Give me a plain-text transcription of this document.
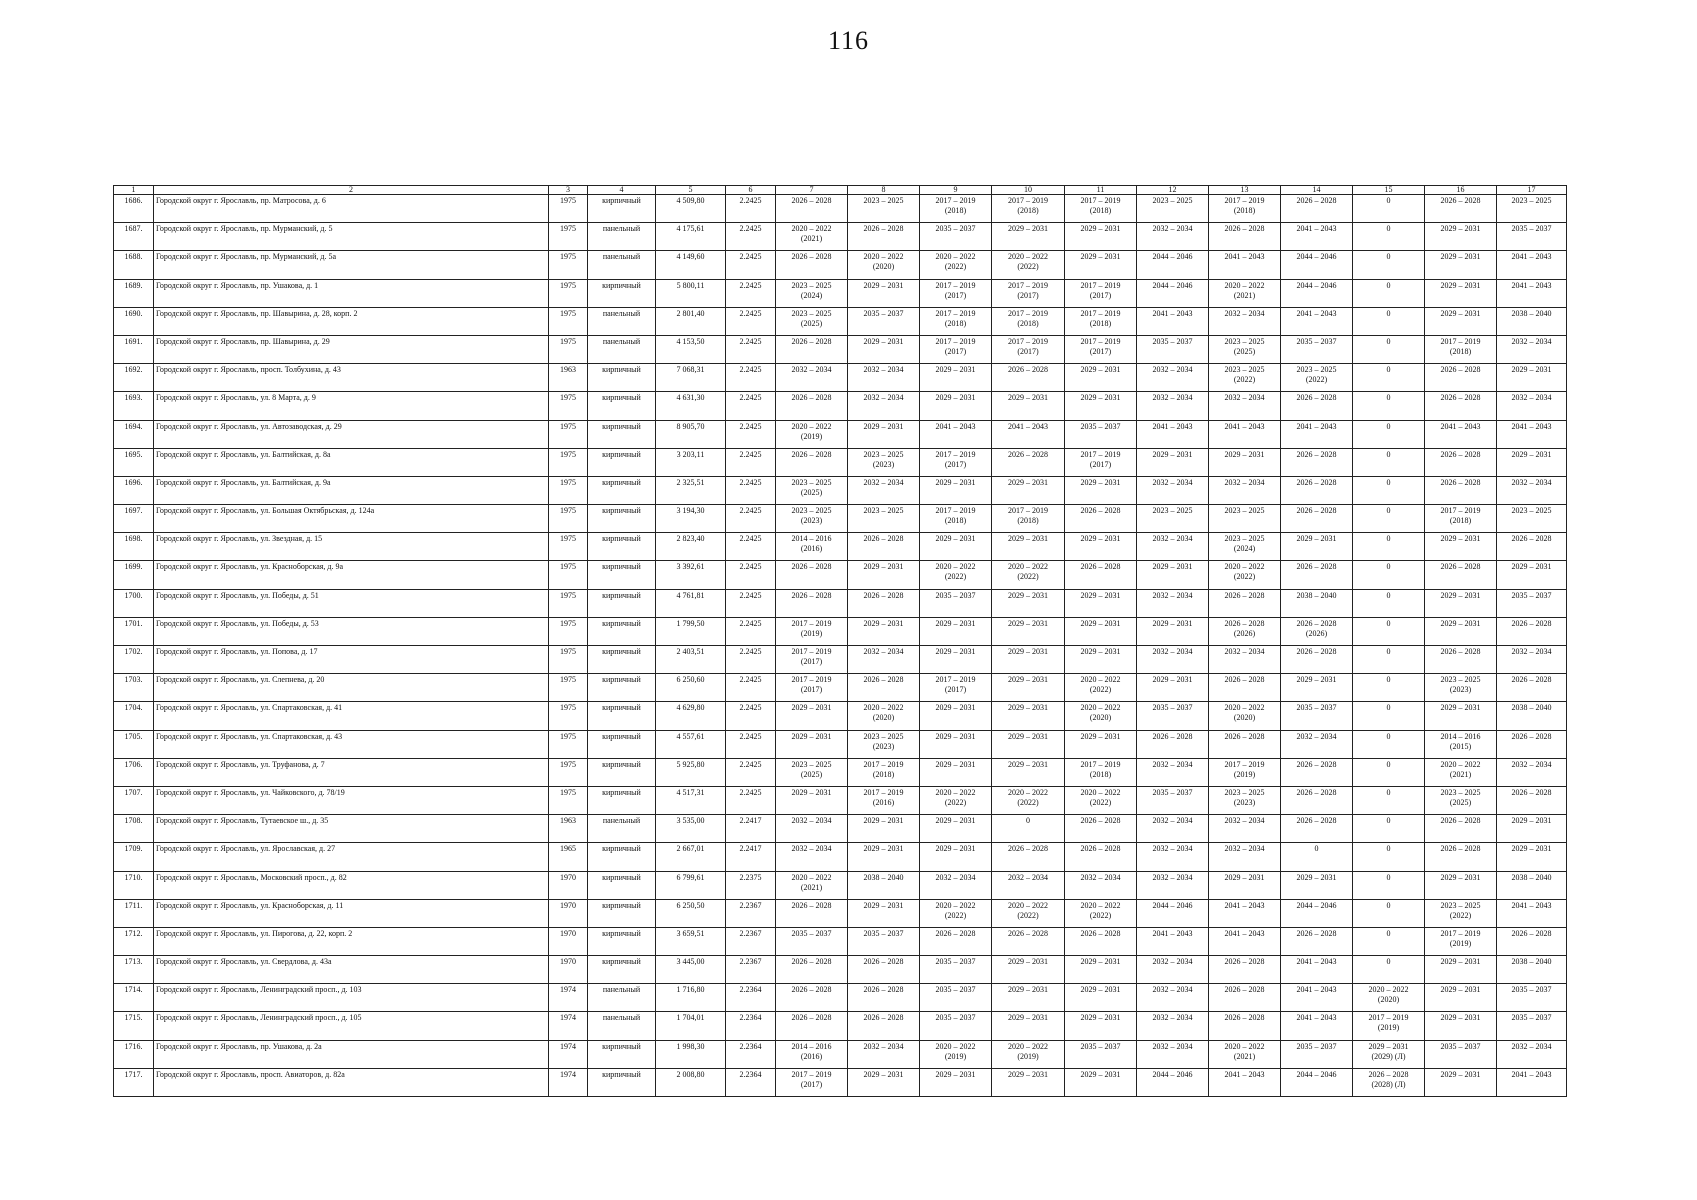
116
1	2	3	4	5	6	7	8	9	10	11	12	13	14	15	16	17

1686.	Городской округ г. Ярославль, пр. Матросова, д. 6	1975	кирпичный	4 509,80	2.2425	2026 – 2028	2023 – 2025	2017 – 2019
(2018)	2017 – 2019
(2018)	2017 – 2019
(2018)	2023 – 2025	2017 – 2019
(2018)	2026 – 2028	0	2026 – 2028	2023 – 2025

1687.	Городской округ г. Ярославль, пр. Мурманский, д. 5	1975	панельный	4 175,61	2.2425	2020 – 2022
(2021)	2026 – 2028	2035 – 2037	2029 – 2031	2029 – 2031	2032 – 2034	2026 – 2028	2041 – 2043	0	2029 – 2031	2035 – 2037

1688.	Городской округ г. Ярославль, пр. Мурманский, д. 5а	1975	панельный	4 149,60	2.2425	2026 – 2028	2020 – 2022
(2020)	2020 – 2022
(2022)	2020 – 2022
(2022)	2029 – 2031	2044 – 2046	2041 – 2043	2044 – 2046	0	2029 – 2031	2041 – 2043

1689.	Городской округ г. Ярославль, пр. Ушакова, д. 1	1975	кирпичный	5 800,11	2.2425	2023 – 2025
(2024)	2029 – 2031	2017 – 2019
(2017)	2017 – 2019
(2017)	2017 – 2019
(2017)	2044 – 2046	2020 – 2022
(2021)	2044 – 2046	0	2029 – 2031	2041 – 2043

1690.	Городской округ г. Ярославль, пр. Шавырина, д. 28, корп. 2	1975	панельный	2 801,40	2.2425	2023 – 2025
(2025)	2035 – 2037	2017 – 2019
(2018)	2017 – 2019
(2018)	2017 – 2019
(2018)	2041 – 2043	2032 – 2034	2041 – 2043	0	2029 – 2031	2038 – 2040

1691.	Городской округ г. Ярославль, пр. Шавырина, д. 29	1975	панельный	4 153,50	2.2425	2026 – 2028	2029 – 2031	2017 – 2019
(2017)	2017 – 2019
(2017)	2017 – 2019
(2017)	2035 – 2037	2023 – 2025
(2025)	2035 – 2037	0	2017 – 2019
(2018)	2032 – 2034

1692.	Городской округ г. Ярославль, просп. Толбухина, д. 43	1963	кирпичный	7 068,31	2.2425	2032 – 2034	2032 – 2034	2029 – 2031	2026 – 2028	2029 – 2031	2032 – 2034	2023 – 2025
(2022)	2023 – 2025
(2022)	0	2026 – 2028	2029 – 2031

1693.	Городской округ г. Ярославль, ул. 8 Марта, д. 9	1975	кирпичный	4 631,30	2.2425	2026 – 2028	2032 – 2034	2029 – 2031	2029 – 2031	2029 – 2031	2032 – 2034	2032 – 2034	2026 – 2028	0	2026 – 2028	2032 – 2034

1694.	Городской округ г. Ярославль, ул. Автозаводская, д. 29	1975	кирпичный	8 905,70	2.2425	2020 – 2022
(2019)	2029 – 2031	2041 – 2043	2041 – 2043	2035 – 2037	2041 – 2043	2041 – 2043	2041 – 2043	0	2041 – 2043	2041 – 2043

1695.	Городской округ г. Ярославль, ул. Балтийская, д. 8а	1975	кирпичный	3 203,11	2.2425	2026 – 2028	2023 – 2025
(2023)	2017 – 2019
(2017)	2026 – 2028	2017 – 2019
(2017)	2029 – 2031	2029 – 2031	2026 – 2028	0	2026 – 2028	2029 – 2031

1696.	Городской округ г. Ярославль, ул. Балтийская, д. 9а	1975	кирпичный	2 325,51	2.2425	2023 – 2025
(2025)	2032 – 2034	2029 – 2031	2029 – 2031	2029 – 2031	2032 – 2034	2032 – 2034	2026 – 2028	0	2026 – 2028	2032 – 2034

1697.	Городской округ г. Ярославль, ул. Большая Октябрьская, д. 124а	1975	кирпичный	3 194,30	2.2425	2023 – 2025
(2023)	2023 – 2025	2017 – 2019
(2018)	2017 – 2019
(2018)	2026 – 2028	2023 – 2025	2023 – 2025	2026 – 2028	0	2017 – 2019
(2018)	2023 – 2025

1698.	Городской округ г. Ярославль, ул. Звездная, д. 15	1975	кирпичный	2 823,40	2.2425	2014 – 2016
(2016)	2026 – 2028	2029 – 2031	2029 – 2031	2029 – 2031	2032 – 2034	2023 – 2025
(2024)	2029 – 2031	0	2029 – 2031	2026 – 2028

1699.	Городской округ г. Ярославль, ул. Красноборская, д. 9а	1975	кирпичный	3 392,61	2.2425	2026 – 2028	2029 – 2031	2020 – 2022
(2022)	2020 – 2022
(2022)	2026 – 2028	2029 – 2031	2020 – 2022
(2022)	2026 – 2028	0	2026 – 2028	2029 – 2031

1700.	Городской округ г. Ярославль, ул. Победы, д. 51	1975	кирпичный	4 761,81	2.2425	2026 – 2028	2026 – 2028	2035 – 2037	2029 – 2031	2029 – 2031	2032 – 2034	2026 – 2028	2038 – 2040	0	2029 – 2031	2035 – 2037

1701.	Городской округ г. Ярославль, ул. Победы, д. 53	1975	кирпичный	1 799,50	2.2425	2017 – 2019
(2019)	2029 – 2031	2029 – 2031	2029 – 2031	2029 – 2031	2029 – 2031	2026 – 2028
(2026)	2026 – 2028
(2026)	0	2029 – 2031	2026 – 2028

1702.	Городской округ г. Ярославль, ул. Попова, д. 17	1975	кирпичный	2 403,51	2.2425	2017 – 2019
(2017)	2032 – 2034	2029 – 2031	2029 – 2031	2029 – 2031	2032 – 2034	2032 – 2034	2026 – 2028	0	2026 – 2028	2032 – 2034

1703.	Городской округ г. Ярославль, ул. Слепнева, д. 20	1975	кирпичный	6 250,60	2.2425	2017 – 2019
(2017)	2026 – 2028	2017 – 2019
(2017)	2029 – 2031	2020 – 2022
(2022)	2029 – 2031	2026 – 2028	2029 – 2031	0	2023 – 2025
(2023)	2026 – 2028

1704.	Городской округ г. Ярославль, ул. Спартаковская, д. 41	1975	кирпичный	4 629,80	2.2425	2029 – 2031	2020 – 2022
(2020)	2029 – 2031	2029 – 2031	2020 – 2022
(2020)	2035 – 2037	2020 – 2022
(2020)	2035 – 2037	0	2029 – 2031	2038 – 2040

1705.	Городской округ г. Ярославль, ул. Спартаковская, д. 43	1975	кирпичный	4 557,61	2.2425	2029 – 2031	2023 – 2025
(2023)	2029 – 2031	2029 – 2031	2029 – 2031	2026 – 2028	2026 – 2028	2032 – 2034	0	2014 – 2016
(2015)	2026 – 2028

1706.	Городской округ г. Ярославль, ул. Труфанова, д. 7	1975	кирпичный	5 925,80	2.2425	2023 – 2025
(2025)	2017 – 2019
(2018)	2029 – 2031	2029 – 2031	2017 – 2019
(2018)	2032 – 2034	2017 – 2019
(2019)	2026 – 2028	0	2020 – 2022
(2021)	2032 – 2034

1707.	Городской округ г. Ярославль, ул. Чайковского, д. 78/19	1975	кирпичный	4 517,31	2.2425	2029 – 2031	2017 – 2019
(2016)	2020 – 2022
(2022)	2020 – 2022
(2022)	2020 – 2022
(2022)	2035 – 2037	2023 – 2025
(2023)	2026 – 2028	0	2023 – 2025
(2025)	2026 – 2028

1708.	Городской округ г. Ярославль, Тутаевское ш., д. 35	1963	панельный	3 535,00	2.2417	2032 – 2034	2029 – 2031	2029 – 2031	0	2026 – 2028	2032 – 2034	2032 – 2034	2026 – 2028	0	2026 – 2028	2029 – 2031

1709.	Городской округ г. Ярославль, ул. Ярославская, д. 27	1965	кирпичный	2 667,01	2.2417	2032 – 2034	2029 – 2031	2029 – 2031	2026 – 2028	2026 – 2028	2032 – 2034	2032 – 2034	0	0	2026 – 2028	2029 – 2031

1710.	Городской округ г. Ярославль, Московский просп., д. 82	1970	кирпичный	6 799,61	2.2375	2020 – 2022
(2021)	2038 – 2040	2032 – 2034	2032 – 2034	2032 – 2034	2032 – 2034	2029 – 2031	2029 – 2031	0	2029 – 2031	2038 – 2040

1711.	Городской округ г. Ярославль, ул. Красноборская, д. 11	1970	кирпичный	6 250,50	2.2367	2026 – 2028	2029 – 2031	2020 – 2022
(2022)	2020 – 2022
(2022)	2020 – 2022
(2022)	2044 – 2046	2041 – 2043	2044 – 2046	0	2023 – 2025
(2022)	2041 – 2043

1712.	Городской округ г. Ярославль, ул. Пирогова, д. 22, корп. 2	1970	кирпичный	3 659,51	2.2367	2035 – 2037	2035 – 2037	2026 – 2028	2026 – 2028	2026 – 2028	2041 – 2043	2041 – 2043	2026 – 2028	0	2017 – 2019
(2019)	2026 – 2028

1713.	Городской округ г. Ярославль, ул. Свердлова, д. 43а	1970	кирпичный	3 445,00	2.2367	2026 – 2028	2026 – 2028	2035 – 2037	2029 – 2031	2029 – 2031	2032 – 2034	2026 – 2028	2041 – 2043	0	2029 – 2031	2038 – 2040

1714.	Городской округ г. Ярославль, Ленинградский просп., д. 103	1974	панельный	1 716,80	2.2364	2026 – 2028	2026 – 2028	2035 – 2037	2029 – 2031	2029 – 2031	2032 – 2034	2026 – 2028	2041 – 2043	2020 – 2022
(2020)	2029 – 2031	2035 – 2037

1715.	Городской округ г. Ярославль, Ленинградский просп., д. 105	1974	панельный	1 704,01	2.2364	2026 – 2028	2026 – 2028	2035 – 2037	2029 – 2031	2029 – 2031	2032 – 2034	2026 – 2028	2041 – 2043	2017 – 2019
(2019)	2029 – 2031	2035 – 2037

1716.	Городской округ г. Ярославль, пр. Ушакова, д. 2а	1974	кирпичный	1 998,30	2.2364	2014 – 2016
(2016)	2032 – 2034	2020 – 2022
(2019)	2020 – 2022
(2019)	2035 – 2037	2032 – 2034	2020 – 2022
(2021)	2035 – 2037	2029 – 2031
(2029) (Л)	2035 – 2037	2032 – 2034

1717.	Городской округ г. Ярославль, просп. Авиаторов, д. 82а	1974	кирпичный	2 008,80	2.2364	2017 – 2019
(2017)	2029 – 2031	2029 – 2031	2029 – 2031	2029 – 2031	2044 – 2046	2041 – 2043	2044 – 2046	2026 – 2028
(2028) (Л)	2029 – 2031	2041 – 2043
